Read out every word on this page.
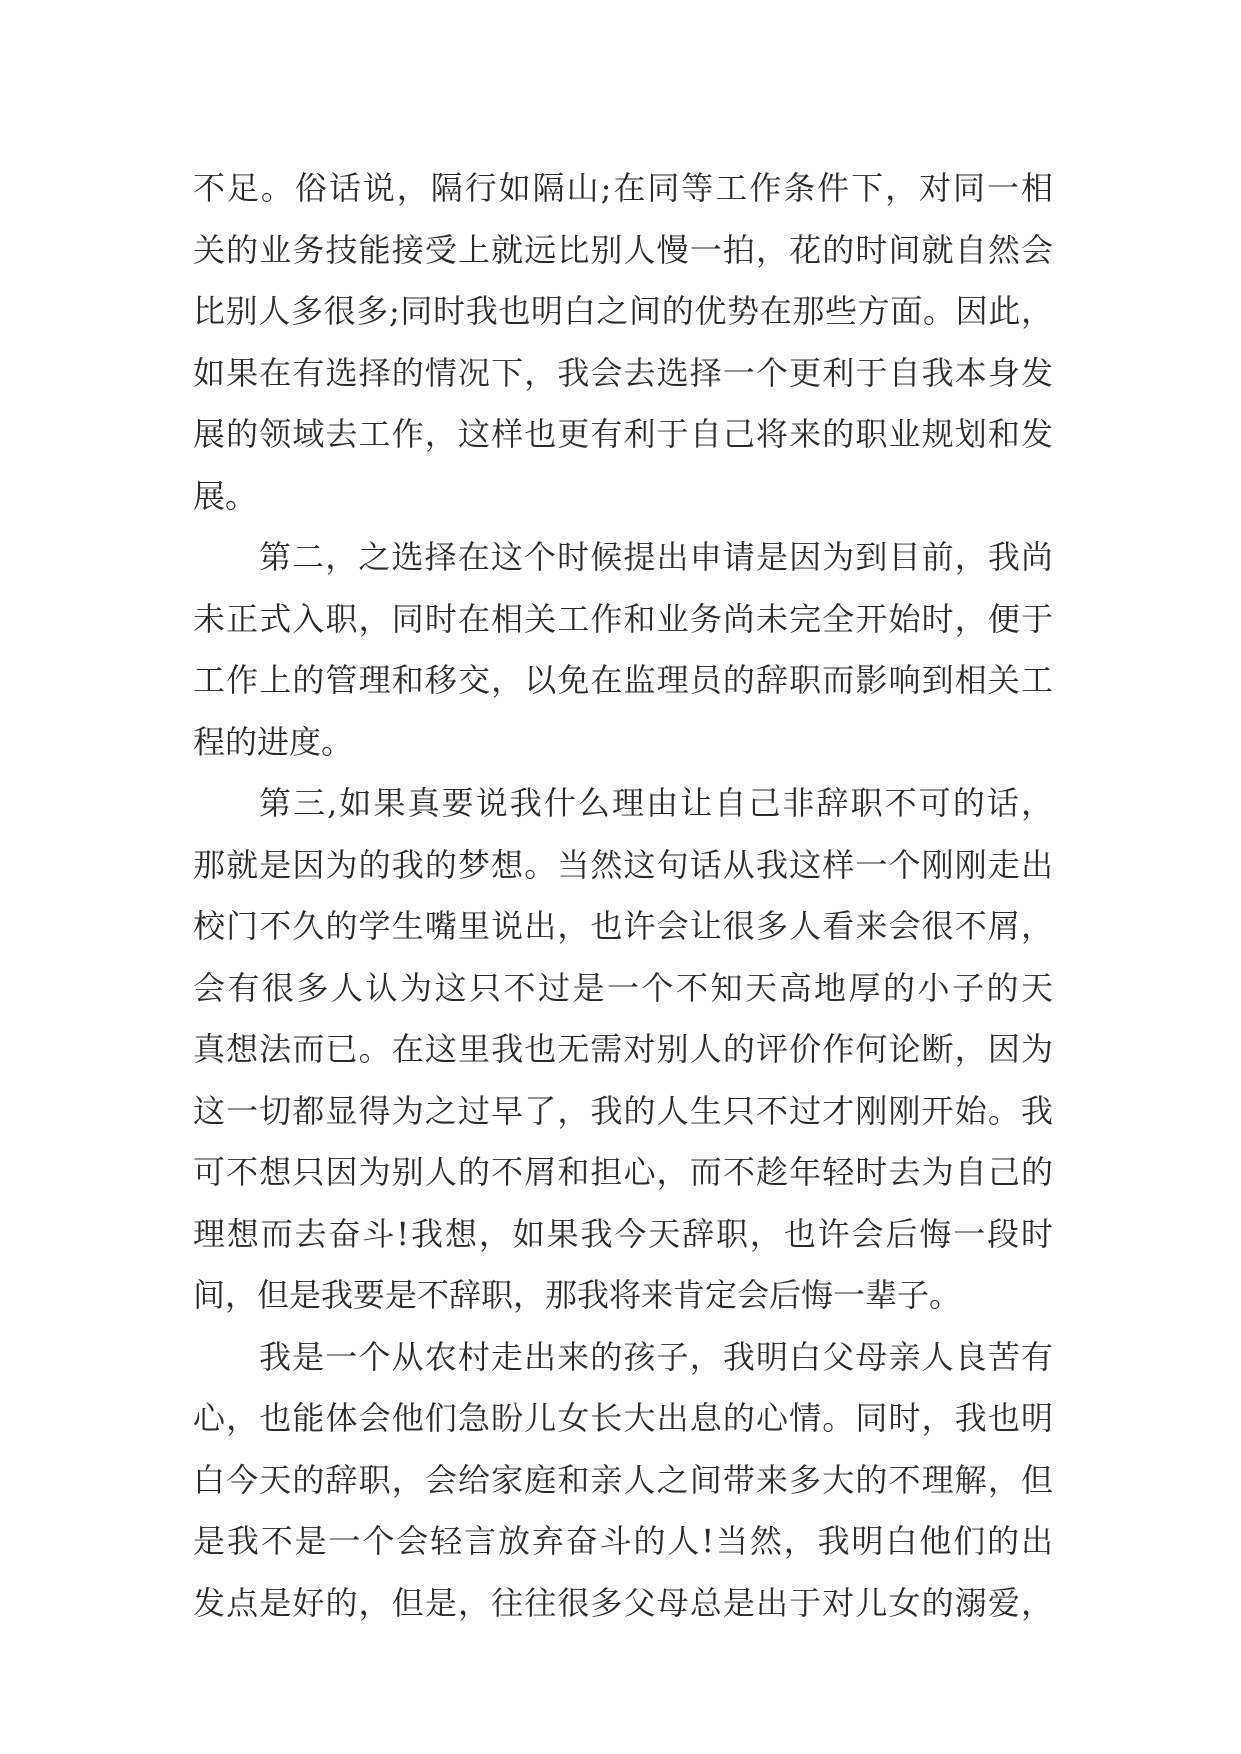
不足。俗话说，隔行如隔山;在同等工作条件下，对同一相
关的业务技能接受上就远比别人慢一拍，花的时间就自然会
比别人多很多;同时我也明白之间的优势在那些方面。因此，
如果在有选择的情况下，我会去选择一个更利于自我本身发
展的领域去工作，这样也更有利于自己将来的职业规划和发
展。
第二，之选择在这个时候提出申请是因为到目前，我尚
未正式入职，同时在相关工作和业务尚未完全开始时，便于
工作上的管理和移交，以免在监理员的辞职而影响到相关工
程的进度。
第三,如果真要说我什么理由让自己非辞职不可的话，
那就是因为的我的梦想。当然这句话从我这样一个刚刚走出
校门不久的学生嘴里说出，也许会让很多人看来会很不屑，
会有很多人认为这只不过是一个不知天高地厚的小子的天
真想法而已。在这里我也无需对别人的评价作何论断，因为
这一切都显得为之过早了，我的人生只不过才刚刚开始。我
可不想只因为别人的不屑和担心，而不趁年轻时去为自己的
理想而去奋斗!我想，如果我今天辞职，也许会后悔一段时
间，但是我要是不辞职，那我将来肯定会后悔一辈子。
我是一个从农村走出来的孩子，我明白父母亲人良苦有
心，也能体会他们急盼儿女长大出息的心情。同时，我也明
白今天的辞职，会给家庭和亲人之间带来多大的不理解，但
是我不是一个会轻言放弃奋斗的人!当然，我明白他们的出
发点是好的，但是，往往很多父母总是出于对儿女的溺爱，
